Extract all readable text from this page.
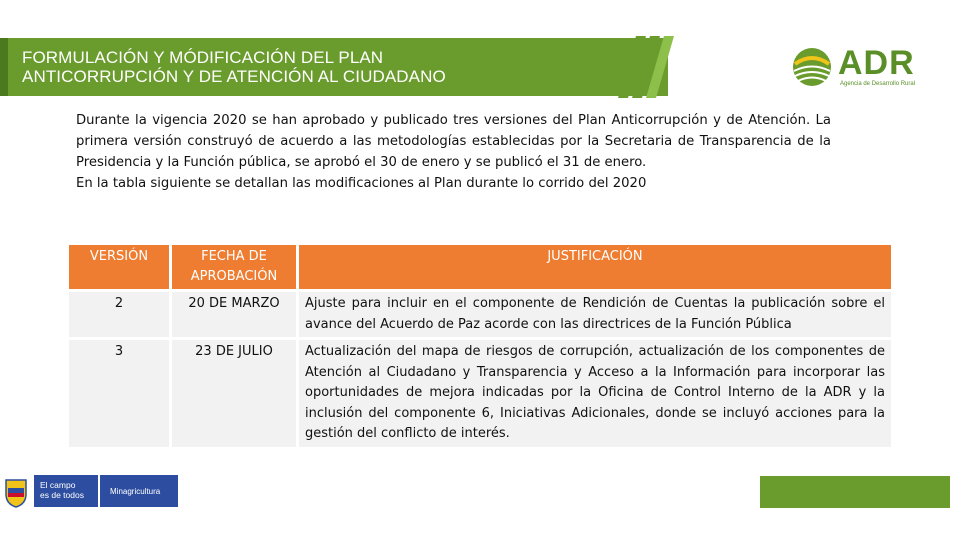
FORMULACIÓN Y MÓDIFICACIÓN DEL PLAN
ANTICORRUPCIÓN Y DE ATENCIÓN AL CIUDADANO	ADR
Agencia de Desarrollo Rural

Durante la vigencia 2020 se han aprobado y publicado tres versiones del Plan Anticorrupción y de Atención. La primera versión construyó de acuerdo a las metodologías establecidas por la Secretaria de Transparencia de la Presidencia y la Función pública, se aprobó el 30 de enero y se publicó el 31 de enero.

En la tabla siguiente se detallan las modificaciones al Plan durante lo corrido del 2020

VERSIÓN	FECHA DE APROBACIÓN	JUSTIFICACIÓN
2	20 DE MARZO	Ajuste para incluir en el componente de Rendición de Cuentas la publicación sobre el avance del Acuerdo de Paz acorde con las directrices de la Función Pública
3	23 DE JULIO	Actualización del mapa de riesgos de corrupción, actualización de los componentes de Atención al Ciudadano y Transparencia y Acceso a la Información para incorporar las oportunidades de mejora indicadas por la Oficina de Control Interno de la ADR y la inclusión del componente 6, Iniciativas Adicionales, donde se incluyó acciones para la gestión del conflicto de interés.
El campo
es de todos	Minagricultura
